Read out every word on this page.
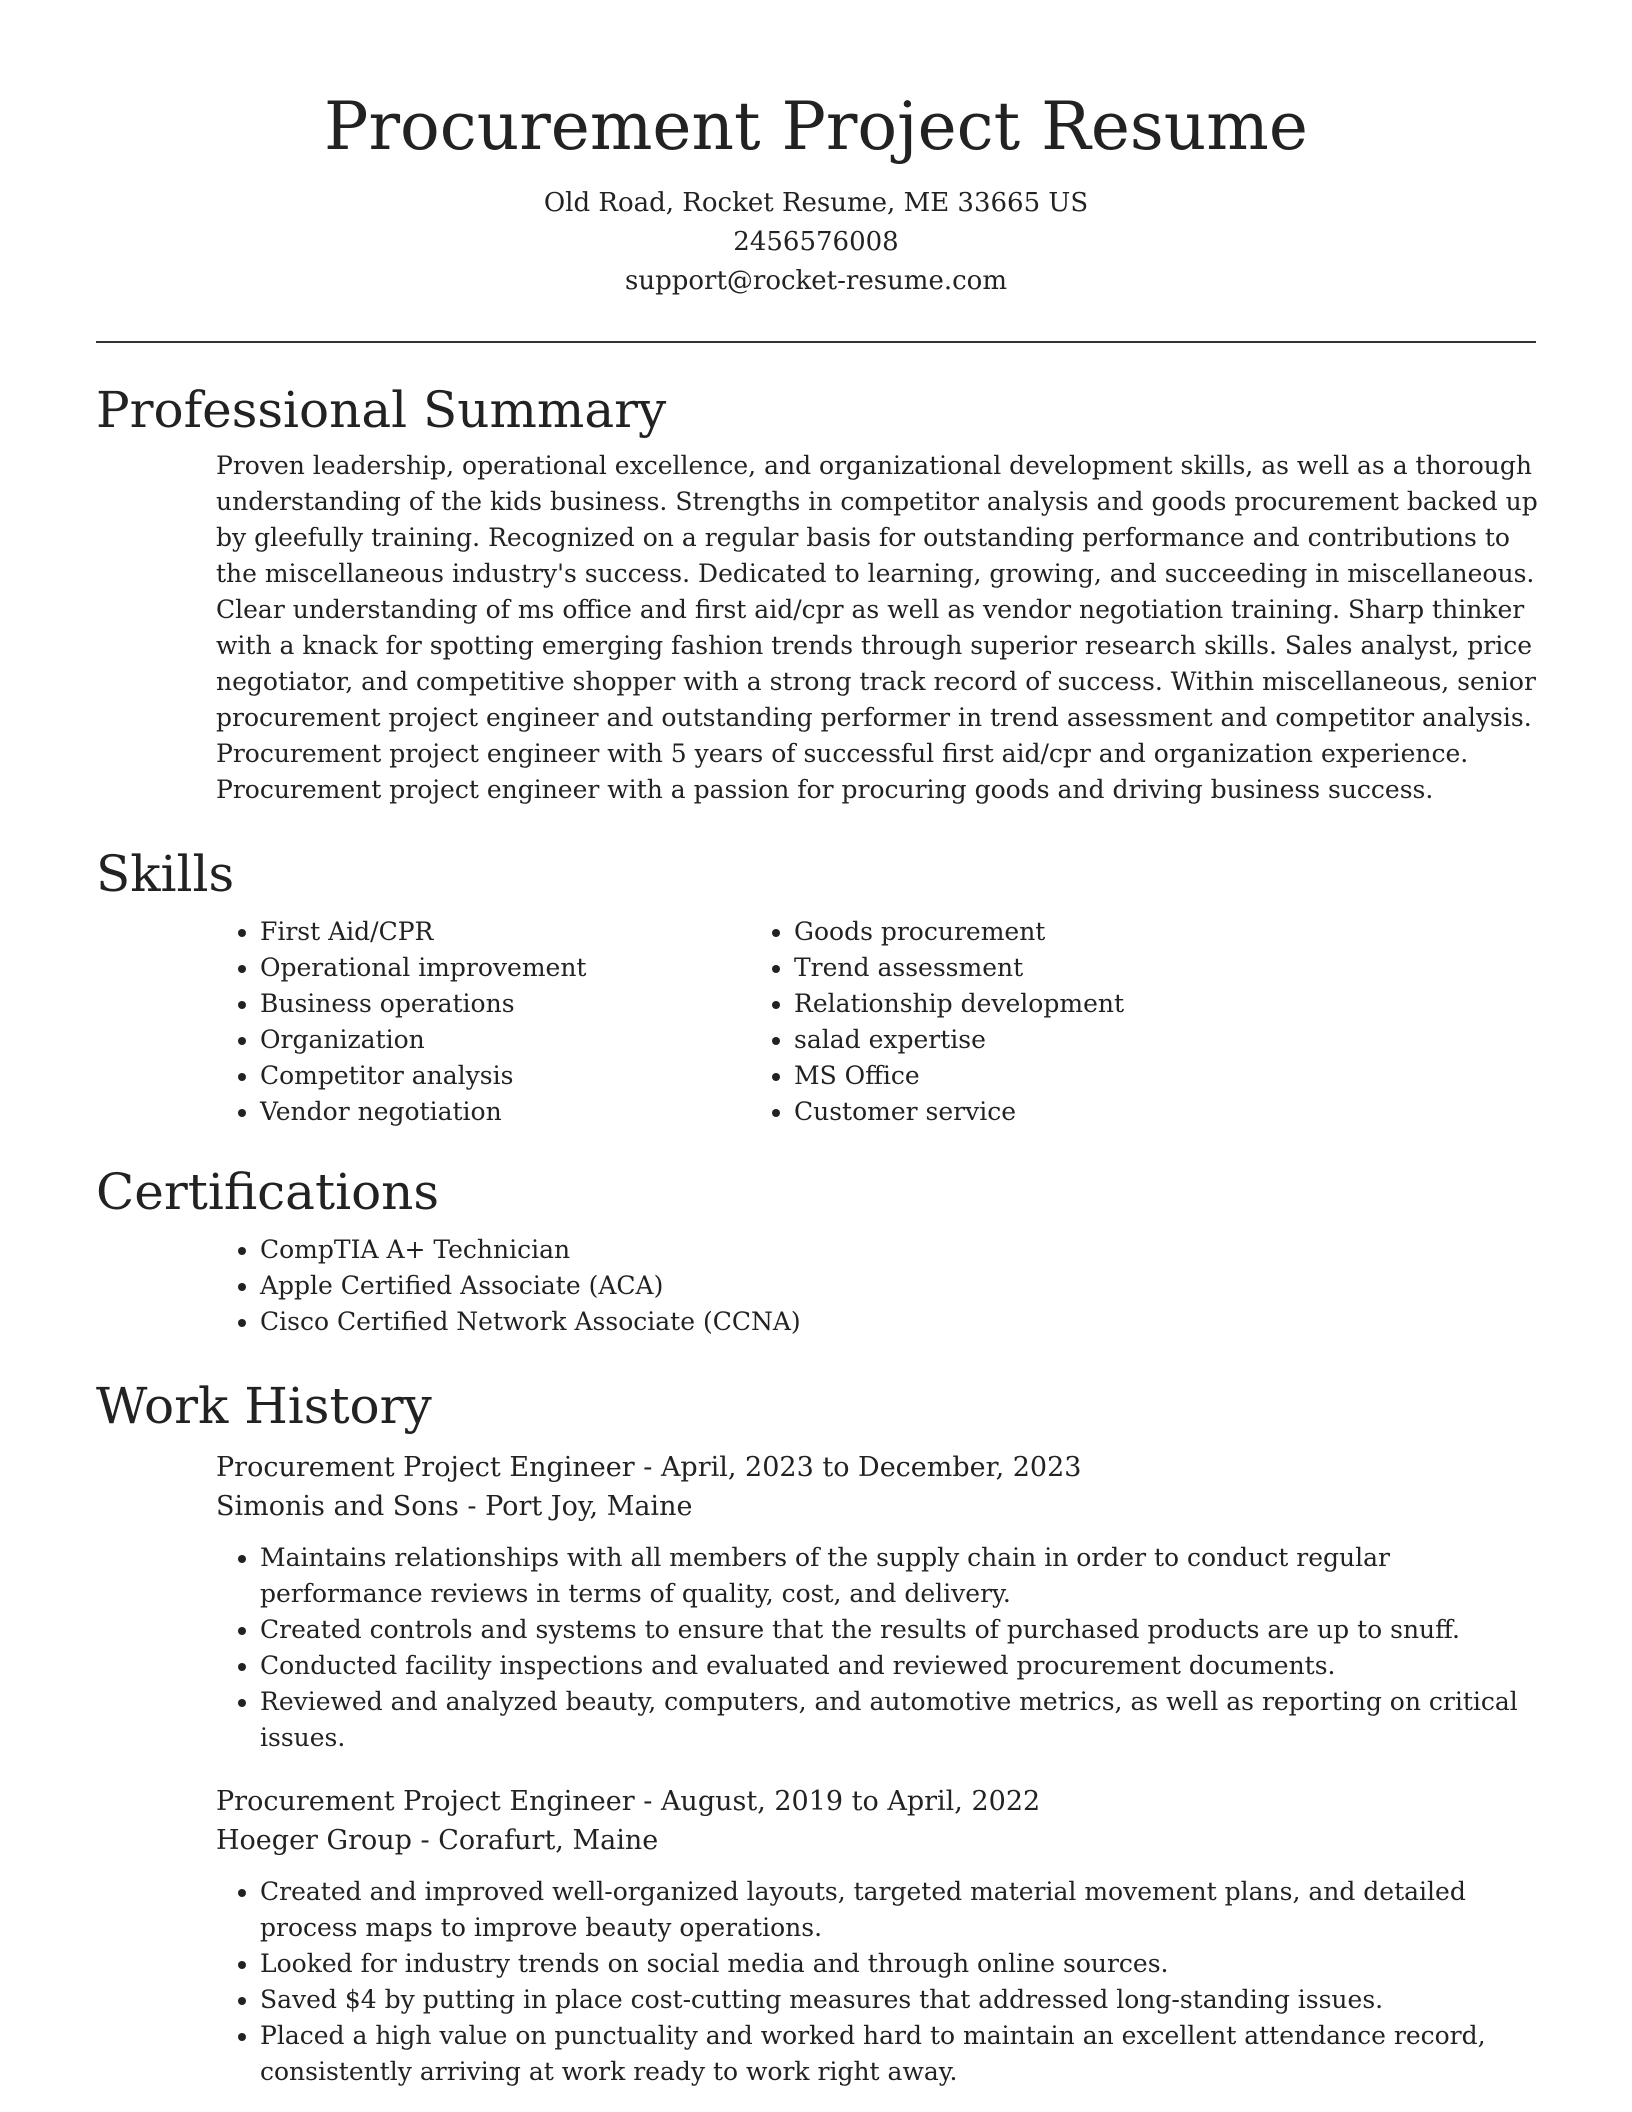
Procurement Project Resume

Old Road, Rocket Resume, ME 33665 US

2456576008

support@rocket-resume.com

Professional Summary

Proven leadership, operational excellence, and organizational development skills, as well as a thorough understanding of the kids business. Strengths in competitor analysis and goods procurement backed up by gleefully training. Recognized on a regular basis for outstanding performance and contributions to the miscellaneous industry's success. Dedicated to learning, growing, and succeeding in miscellaneous. Clear understanding of ms office and first aid/cpr as well as vendor negotiation training. Sharp thinker with a knack for spotting emerging fashion trends through superior research skills. Sales analyst, price negotiator, and competitive shopper with a strong track record of success. Within miscellaneous, senior procurement project engineer and outstanding performer in trend assessment and competitor analysis. Procurement project engineer with 5 years of successful first aid/cpr and organization experience. Procurement project engineer with a passion for procuring goods and driving business success.

Skills
• First Aid/CPR
• Operational improvement
• Business operations
• Organization
• Competitor analysis
• Vendor negotiation
• Goods procurement
• Trend assessment
• Relationship development
• salad expertise
• MS Office
• Customer service
Certifications
• CompTIA A+ Technician
• Apple Certified Associate (ACA)
• Cisco Certified Network Associate (CCNA)
Work History

Procurement Project Engineer - April, 2023 to December, 2023

Simonis and Sons - Port Joy, Maine

• Maintains relationships with all members of the supply chain in order to conduct regular performance reviews in terms of quality, cost, and delivery.
• Created controls and systems to ensure that the results of purchased products are up to snuff.
• Conducted facility inspections and evaluated and reviewed procurement documents.
• Reviewed and analyzed beauty, computers, and automotive metrics, as well as reporting on critical issues.

Procurement Project Engineer - August, 2019 to April, 2022

Hoeger Group - Corafurt, Maine

• Created and improved well-organized layouts, targeted material movement plans, and detailed process maps to improve beauty operations.
• Looked for industry trends on social media and through online sources.
• Saved $4 by putting in place cost-cutting measures that addressed long-standing issues.
• Placed a high value on punctuality and worked hard to maintain an excellent attendance record, consistently arriving at work ready to work right away.
